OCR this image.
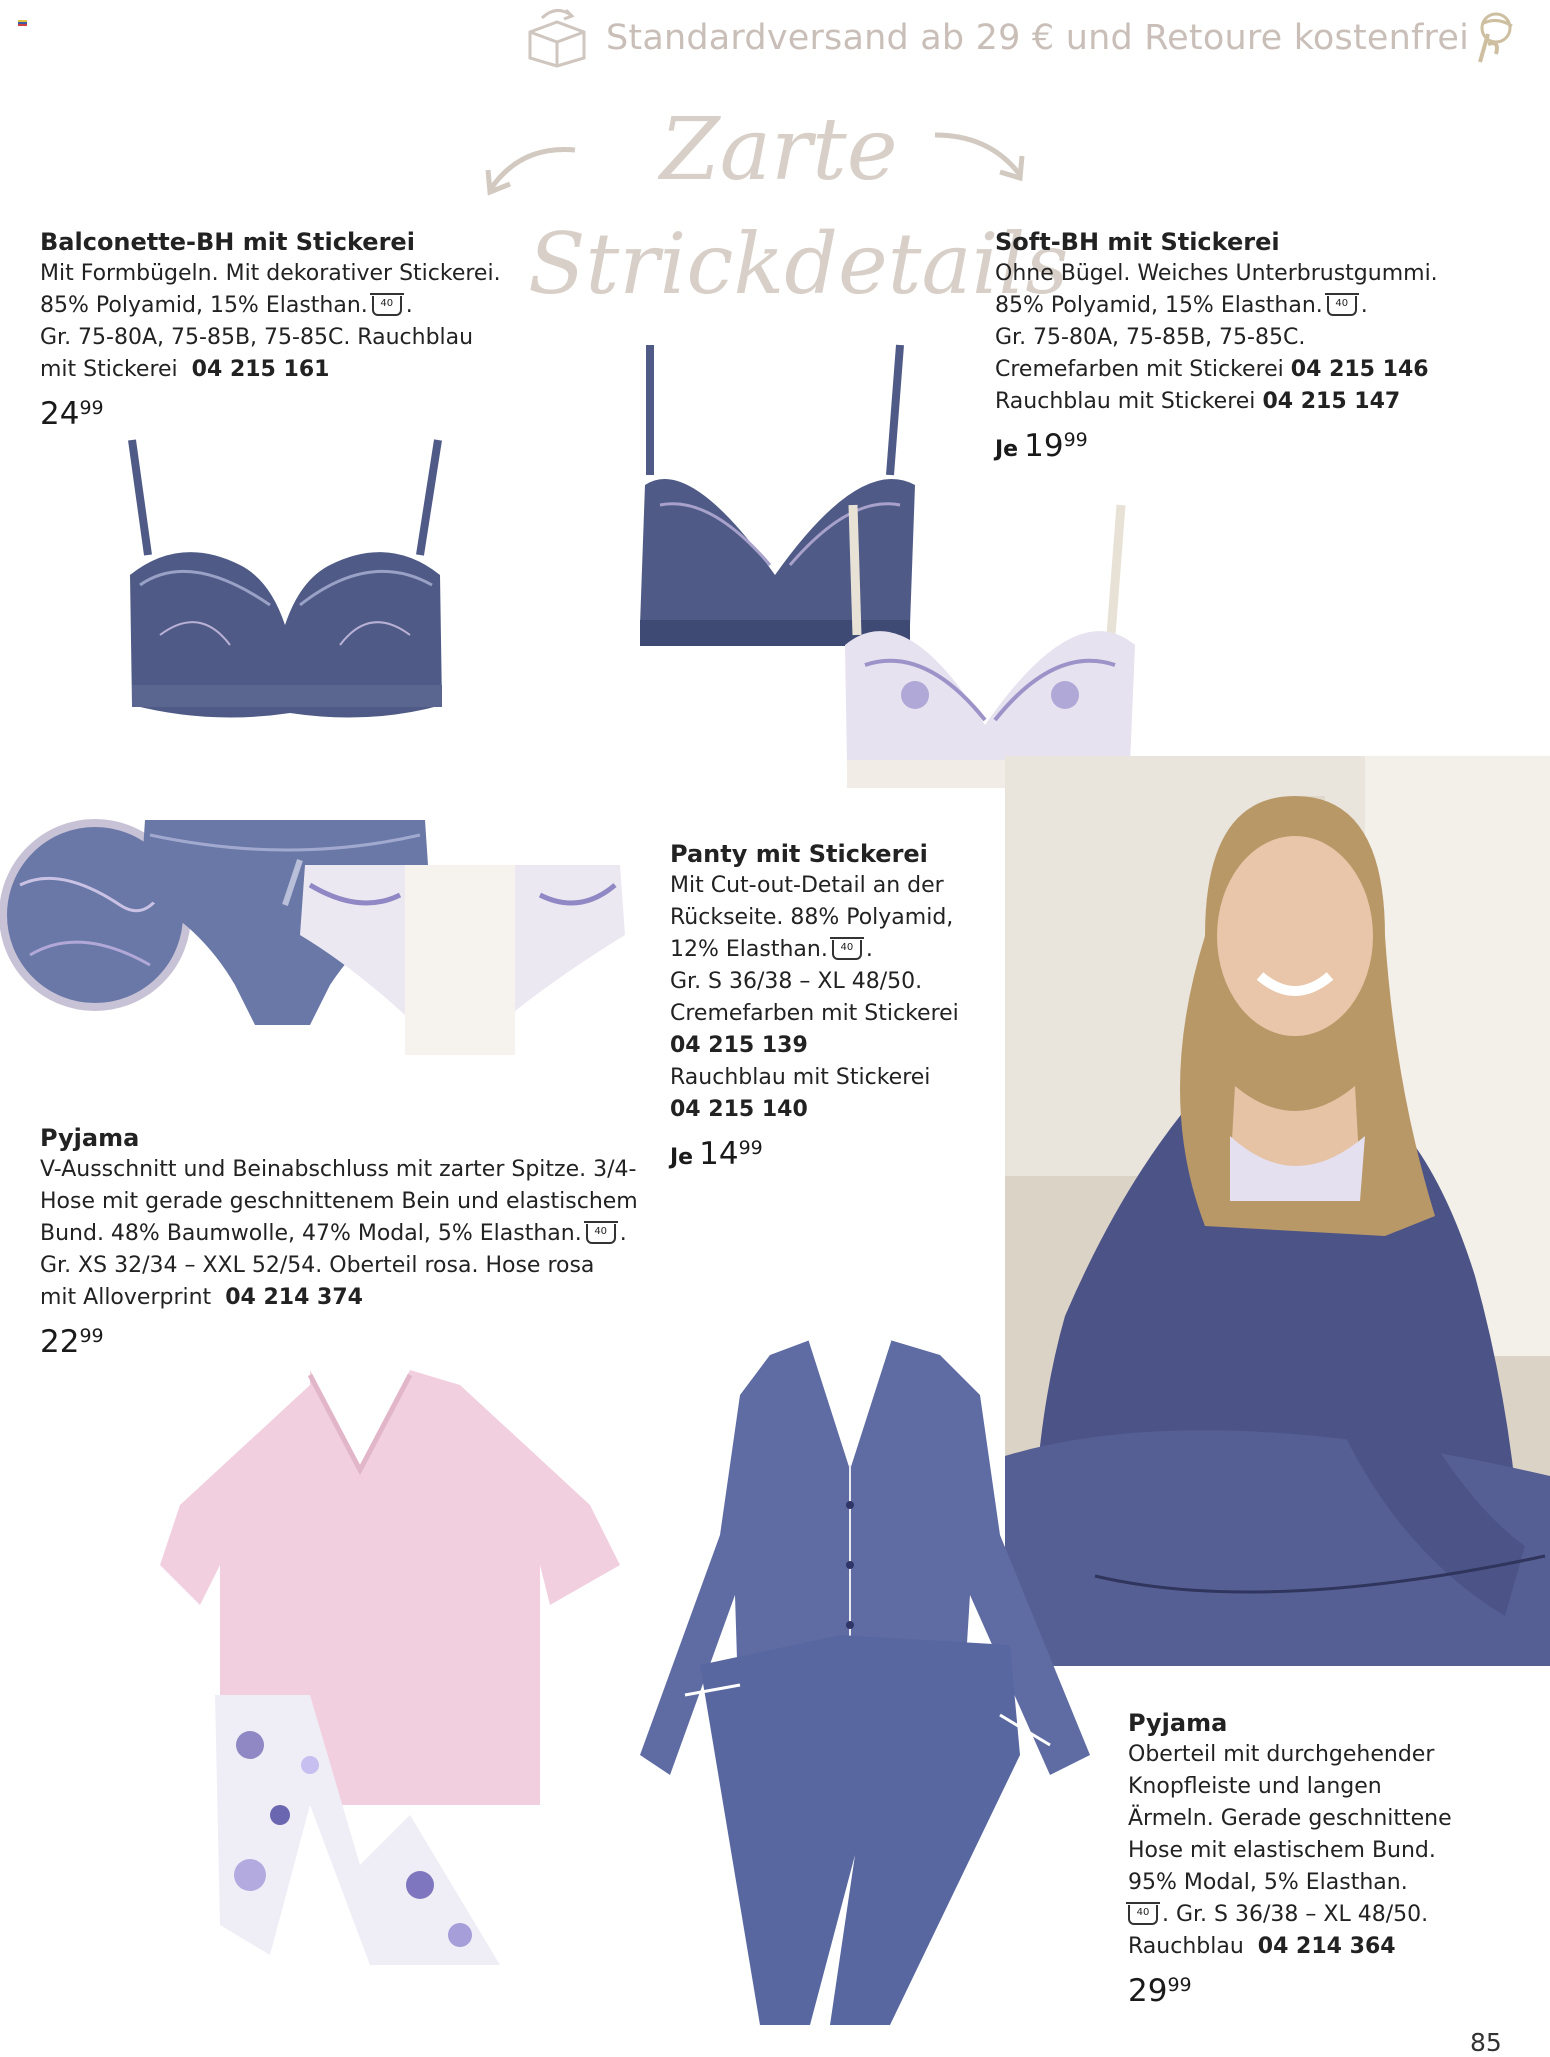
Standardversand ab 29 € und Retoure kostenfrei
Zarte
Strickdetails
Balconette-BH mit Stickerei
Mit Formbügeln. Mit dekorativer Stickerei.
85% Polyamid, 15% Elasthan. 40 .
Gr. 75-80A, 75-85B, 75-85C. Rauchblau
mit Stickerei 04 215 161
$24^{99}$
Soft-BH mit Stickerei
Ohne Bügel. Weiches Unterbrustgummi.
85% Polyamid, 15% Elasthan. 40 .
Gr. 75-80A, 75-85B, 75-85C.
Cremefarben mit Stickerei 04 215 146
Rauchblau mit Stickerei 04 215 147
Je $19^{99}$
Panty mit Stickerei
Mit Cut-out-Detail an der
Rückseite. 88% Polyamid,
12% Elasthan. 40 .
Gr. S 36/38 – XL 48/50.
Cremefarben mit Stickerei
04 215 139
Rauchblau mit Stickerei
04 215 140
Je $14^{99}$
Pyjama
V-Ausschnitt und Beinabschluss mit zarter Spitze. 3/4-
Hose mit gerade geschnittenem Bein und elastischem
Bund. 48% Baumwolle, 47% Modal, 5% Elasthan. 40 .
Gr. XS 32/34 – XXL 52/54. Oberteil rosa. Hose rosa
mit Alloverprint 04 214 374
$22^{99}$
Pyjama
Oberteil mit durchgehender
Knopfleiste und langen
Ärmeln. Gerade geschnittene
Hose mit elastischem Bund.
95% Modal, 5% Elasthan.
40 . Gr. S 36/38 – XL 48/50.
Rauchblau 04 214 364
$29^{99}$
85
